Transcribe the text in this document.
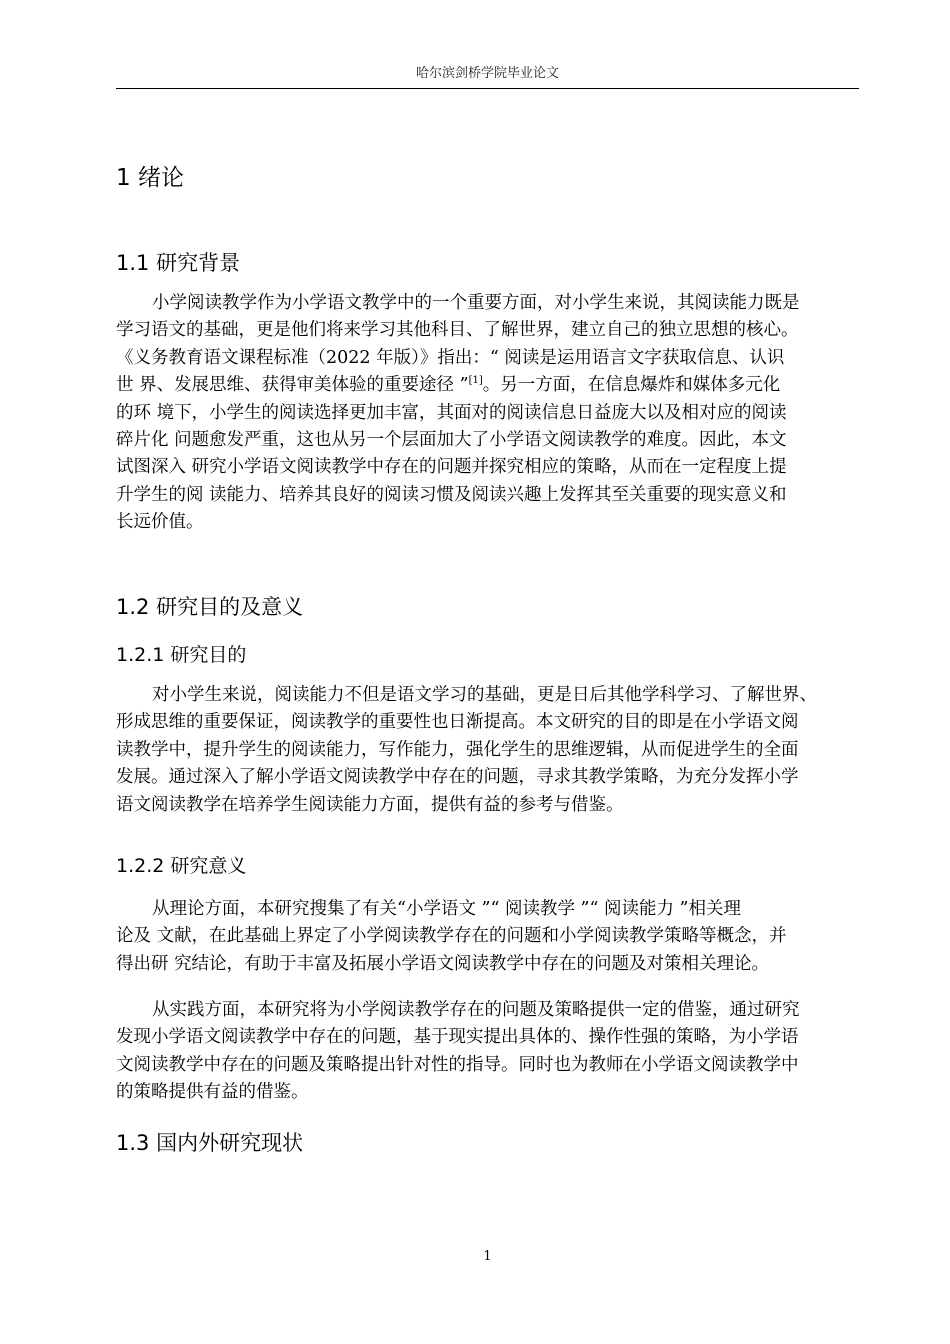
哈尔滨剑桥学院毕业论文
1 绪论
1.1 研究背景
小学阅读教学作为小学语文教学中的一个重要方面，对小学生来说，其阅读能力既是
学习语文的基础，更是他们将来学习其他科目、了解世界，建立自己的独立思想的核心。
《义务教育语文课程标准（2022 年版）》指出：“ 阅读是运用语言文字获取信息、认识
世 界、发展思维、获得审美体验的重要途径 ”[1]。另一方面，在信息爆炸和媒体多元化
的环 境下，小学生的阅读选择更加丰富，其面对的阅读信息日益庞大以及相对应的阅读
碎片化 问题愈发严重，这也从另一个层面加大了小学语文阅读教学的难度。因此，本文
试图深入 研究小学语文阅读教学中存在的问题并探究相应的策略，从而在一定程度上提
升学生的阅 读能力、培养其良好的阅读习惯及阅读兴趣上发挥其至关重要的现实意义和
长远价值。
1.2 研究目的及意义
1.2.1 研究目的
对小学生来说，阅读能力不但是语文学习的基础，更是日后其他学科学习、了解世界、
形成思维的重要保证，阅读教学的重要性也日渐提高。本文研究的目的即是在小学语文阅
读教学中，提升学生的阅读能力，写作能力，强化学生的思维逻辑，从而促进学生的全面
发展。通过深入了解小学语文阅读教学中存在的问题，寻求其教学策略，为充分发挥小学
语文阅读教学在培养学生阅读能力方面，提供有益的参考与借鉴。
1.2.2 研究意义
从理论方面，本研究搜集了有关“小学语文 ”“ 阅读教学 ”“ 阅读能力 ”相关理
论及 文献，在此基础上界定了小学阅读教学存在的问题和小学阅读教学策略等概念，并
得出研 究结论，有助于丰富及拓展小学语文阅读教学中存在的问题及对策相关理论。
从实践方面，本研究将为小学阅读教学存在的问题及策略提供一定的借鉴，通过研究
发现小学语文阅读教学中存在的问题，基于现实提出具体的、操作性强的策略，为小学语
文阅读教学中存在的问题及策略提出针对性的指导。同时也为教师在小学语文阅读教学中
的策略提供有益的借鉴。
1.3 国内外研究现状
1
